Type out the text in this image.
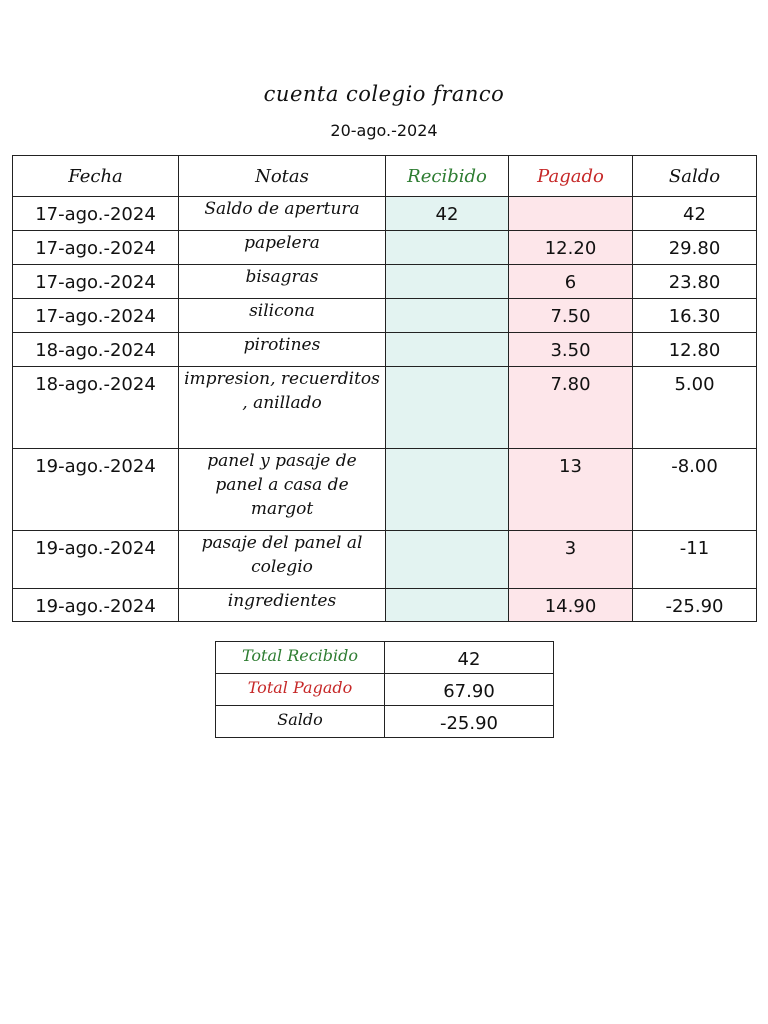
cuenta colegio franco
20-ago.-2024
Fecha	Notas	Recibido	Pagado	Saldo
17-ago.-2024	Saldo de apertura	42		42
17-ago.-2024	papelera		12.20	29.80
17-ago.-2024	bisagras		6	23.80
17-ago.-2024	silicona		7.50	16.30
18-ago.-2024	pirotines		3.50	12.80
18-ago.-2024	impresion, recuerditos , anillado		7.80	5.00
19-ago.-2024	panel y pasaje de panel a casa de margot		13	-8.00
19-ago.-2024	pasaje del panel al colegio		3	-11
19-ago.-2024	ingredientes		14.90	-25.90
Total Recibido	42
Total Pagado	67.90
Saldo	-25.90
